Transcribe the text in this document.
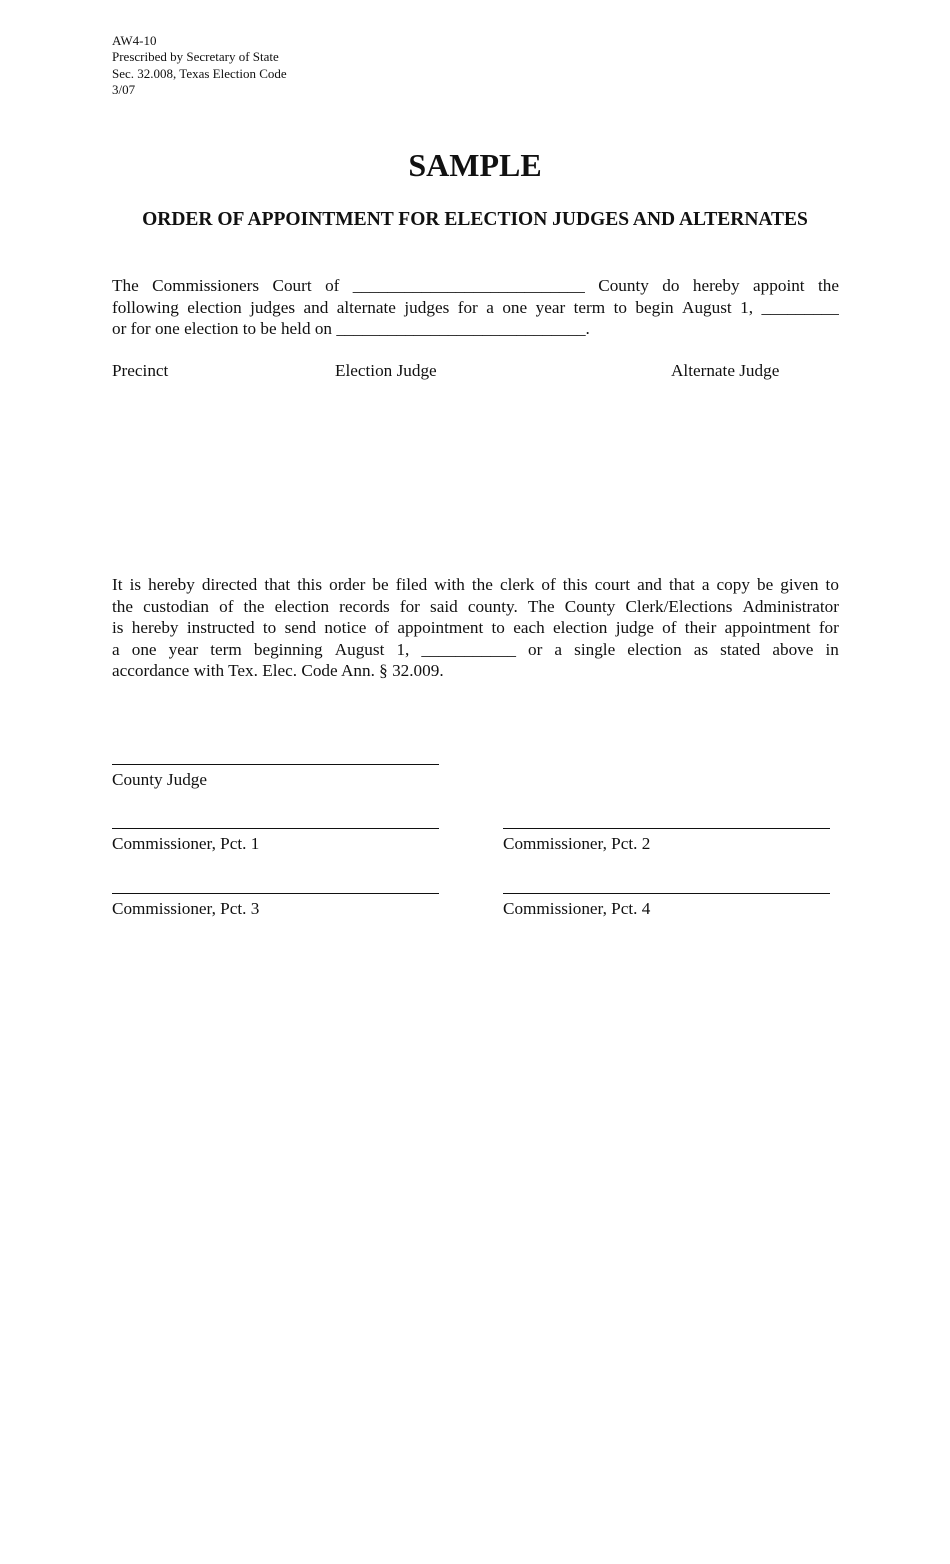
AW4-10
Prescribed by Secretary of State
Sec. 32.008, Texas Election Code
3/07
SAMPLE
ORDER OF APPOINTMENT FOR ELECTION JUDGES AND ALTERNATES
The Commissioners Court of ___________________________ County do hereby appoint the
following election judges and alternate judges for a one year term to begin August 1, _________
or for one election to be held on _____________________________.
Precinct	Election Judge	Alternate Judge
It is hereby directed that this order be filed with the clerk of this court and that a copy be given to
the custodian of the election records for said county. The County Clerk/Elections Administrator
is hereby instructed to send notice of appointment to each election judge of their appointment for
a one year term beginning August 1, ___________ or a single election as stated above in
accordance with Tex. Elec. Code Ann. § 32.009.
County Judge
Commissioner, Pct. 1	Commissioner, Pct. 2
Commissioner, Pct. 3	Commissioner, Pct. 4
